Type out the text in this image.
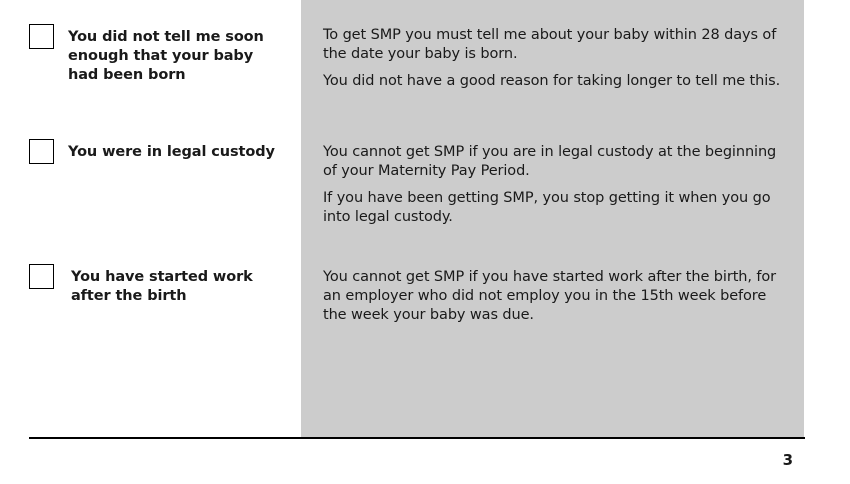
You did not tell me soon enough that your baby had been born

To get SMP you must tell me about your baby within 28 days of the date your baby is born.

You did not have a good reason for taking longer to tell me this.

You were in legal custody	You cannot get SMP if you are in legal custody at the beginning of your Maternity Pay Period.

If you have been getting SMP, you stop getting it when you go into legal custody.

You have started work after the birth

You cannot get SMP if you have started work after the birth, for an employer who did not employ you in the 15th week before the week your baby was due.

3
